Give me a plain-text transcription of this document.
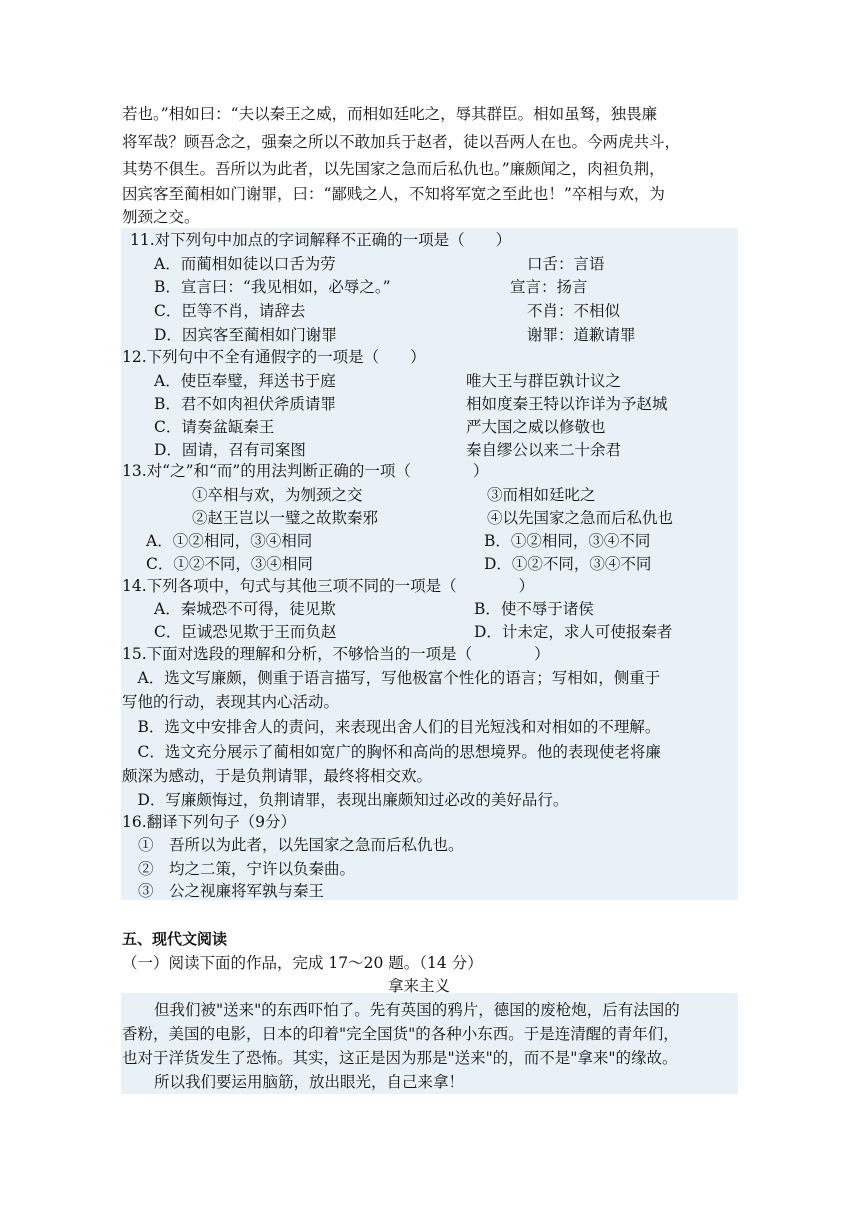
若也。”相如曰：“夫以秦王之威，而相如廷叱之，辱其群臣。相如虽驽，独畏廉
将军哉？顾吾念之，强秦之所以不敢加兵于赵者，徒以吾两人在也。今两虎共斗，
其势不俱生。吾所以为此者，以先国家之急而后私仇也。”廉颇闻之，肉袒负荆，
因宾客至蔺相如门谢罪，曰：“鄙贱之人，不知将军宽之至此也！”卒相与欢，为
刎颈之交。
11.对下列句中加点的字词解释不正确的一项是（　　）
A．而蔺相如徒以口舌为劳	口舌：言语
B．宣言曰：“我见相如，必辱之。”	宣言：扬言
C．臣等不肖，请辞去	不肖：不相似
D．因宾客至蔺相如门谢罪	谢罪：道歉请罪
12.下列句中不全有通假字的一项是（　　）
A．使臣奉璧，拜送书于庭	唯大王与群臣孰计议之
B．君不如肉袒伏斧质请罪	相如度秦王特以诈详为予赵城
C．请奏盆缻秦王	严大国之威以修敬也
D．固请，召有司案图	秦自缪公以来二十余君
13.对“之”和“而”的用法判断正确的一项（　　　　）
①卒相与欢，为刎颈之交	③而相如廷叱之
②赵王岂以一璧之故欺秦邪	④以先国家之急而后私仇也
A．①②相同，③④相同	B．①②相同，③④不同
C．①②不同，③④相同	D．①②不同，③④不同
14.下列各项中，句式与其他三项不同的一项是（　　　　）
A．秦城恐不可得，徒见欺	B．使不辱于诸侯
C．臣诚恐见欺于王而负赵	D．计未定，求人可使报秦者
15.下面对选段的理解和分析，不够恰当的一项是（　　　　）
　A．选文写廉颇，侧重于语言描写，写他极富个性化的语言；写相如，侧重于
写他的行动，表现其内心活动。
　B．选文中安排舍人的责问，来表现出舍人们的目光短浅和对相如的不理解。
　C．选文充分展示了蔺相如宽广的胸怀和高尚的思想境界。他的表现使老将廉
颇深为感动，于是负荆请罪，最终将相交欢。
　D．写廉颇悔过，负荆请罪，表现出廉颇知过必改的美好品行。
16.翻译下列句子（9分）
①　吾所以为此者，以先国家之急而后私仇也。
②　均之二策，宁许以负秦曲。
③　公之视廉将军孰与秦王
五、现代文阅读
（一）阅读下面的作品，完成 17～20 题。（14 分）
拿来主义
但我们被"送来"的东西吓怕了。先有英国的鸦片，德国的废枪炮，后有法国的
香粉，美国的电影，日本的印着"完全国货"的各种小东西。于是连清醒的青年们，
也对于洋货发生了恐怖。其实，这正是因为那是"送来"的，而不是"拿来"的缘故。
所以我们要运用脑筋，放出眼光，自己来拿！
